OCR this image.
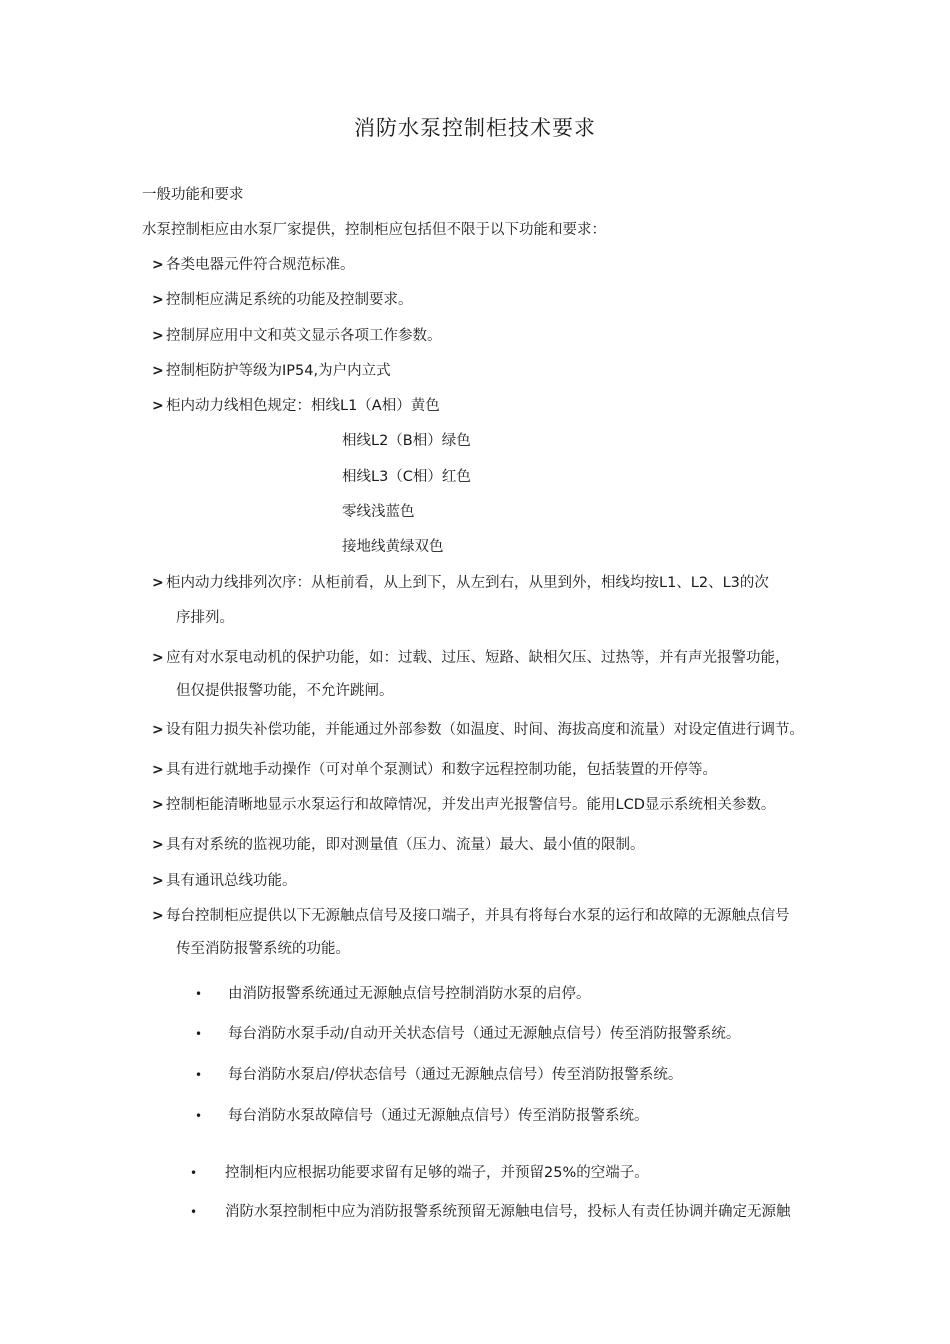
消防水泵控制柜技术要求
一般功能和要求
水泵控制柜应由水泵厂家提供，控制柜应包括但不限于以下功能和要求：
> 各类电器元件符合规范标准。
> 控制柜应满足系统的功能及控制要求。
> 控制屏应用中文和英文显示各项工作参数。
> 控制柜防护等级为IP54,为户内立式
> 柜内动力线相色规定：相线L1（A相）黄色
相线L2（B相）绿色
相线L3（C相）红色
零线浅蓝色
接地线黄绿双色
> 柜内动力线排列次序：从柜前看，从上到下，从左到右，从里到外，相线均按L1、L2、L3的次
序排列。
> 应有对水泵电动机的保护功能，如：过载、过压、短路、缺相欠压、过热等，并有声光报警功能，
但仅提供报警功能，不允许跳闸。
> 设有阻力损失补偿功能，并能通过外部参数（如温度、时间、海拔高度和流量）对设定值进行调节。
> 具有进行就地手动操作（可对单个泵测试）和数字远程控制功能，包括装置的开停等。
> 控制柜能清晰地显示水泵运行和故障情况，并发出声光报警信号。能用LCD显示系统相关参数。
> 具有对系统的监视功能，即对测量值（压力、流量）最大、最小值的限制。
> 具有通讯总线功能。
> 每台控制柜应提供以下无源触点信号及接口端子，并具有将每台水泵的运行和故障的无源触点信号
传至消防报警系统的功能。
• 由消防报警系统通过无源触点信号控制消防水泵的启停。
• 每台消防水泵手动/自动开关状态信号（通过无源触点信号）传至消防报警系统。
• 每台消防水泵启/停状态信号（通过无源触点信号）传至消防报警系统。
• 每台消防水泵故障信号（通过无源触点信号）传至消防报警系统。
• 控制柜内应根据功能要求留有足够的端子，并预留25%的空端子。
• 消防水泵控制柜中应为消防报警系统预留无源触电信号，投标人有责任协调并确定无源触
